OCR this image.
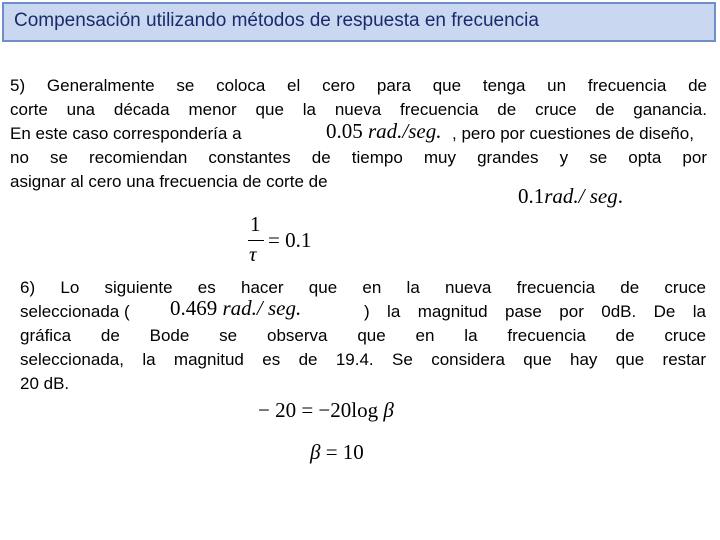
Compensación utilizando métodos de respuesta en frecuencia
5) Generalmente se coloca el cero para que tenga un frecuencia de
corte una década menor que la nueva frecuencia de cruce de ganancia.
En este caso correspondería a	0.05 rad./seg. , pero por cuestiones de diseño,
no se recomiendan constantes de tiempo muy grandes y se opta por
asignar al cero una frecuencia de corte de
0.1rad./ seg.
1
τ
= 0.1
6) Lo siguiente es hacer que en la nueva frecuencia de cruce
seleccionada ( 0.469 rad./ seg.	) la magnitud pase por 0dB. De la
gráfica de Bode se observa que en la frecuencia de cruce
seleccionada, la magnitud es de 19.4. Se considera que hay que restar
20 dB.
− 20 = −20log β
β = 10
